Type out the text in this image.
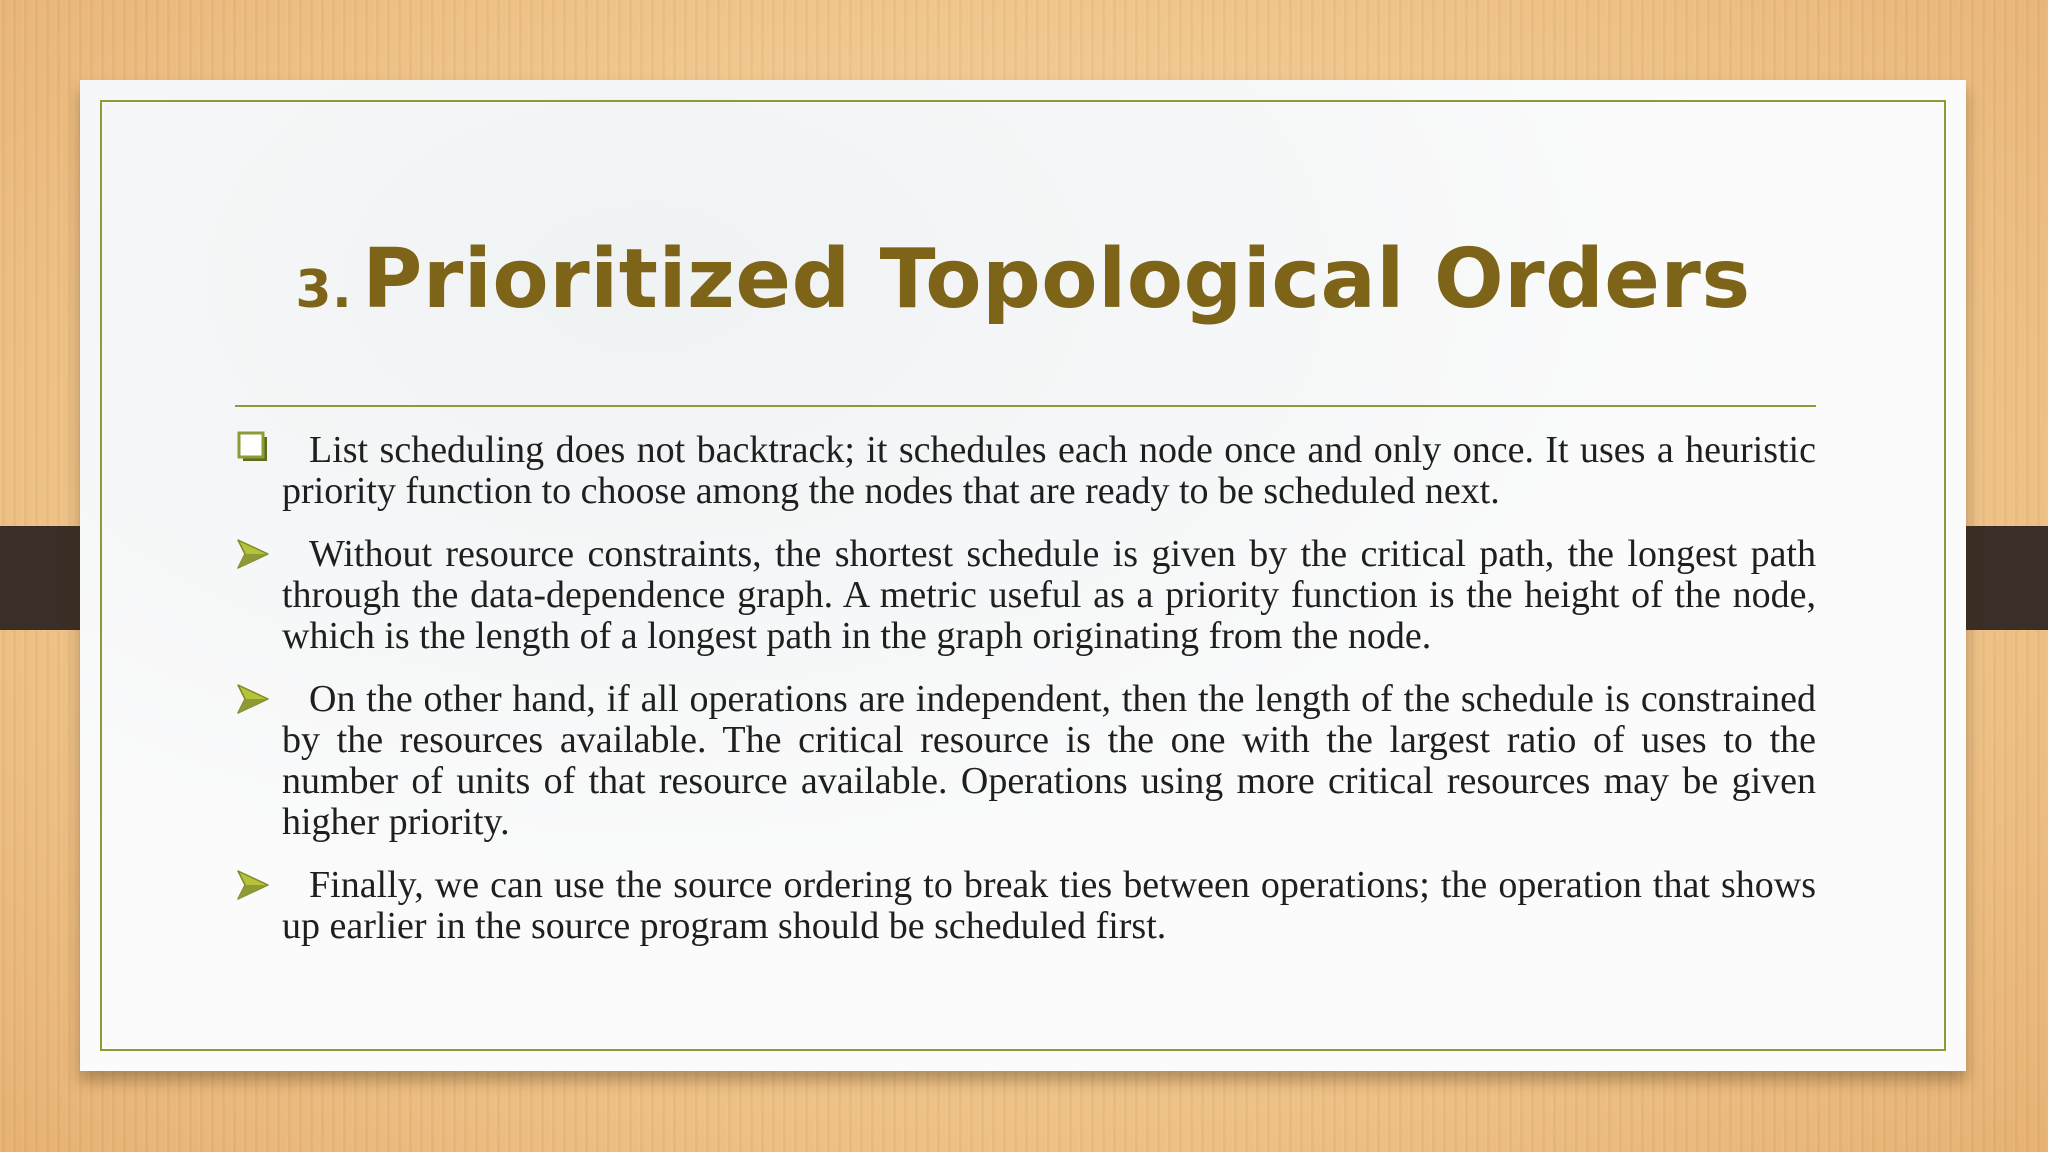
3. Prioritized Topological Orders
List scheduling does not backtrack; it schedules each node once and only once. It uses a heuristic priority function to choose among the nodes that are ready to be scheduled next.
Without resource constraints, the shortest schedule is given by the critical path, the longest path through the data-dependence graph. A metric useful as a priority function is the height of the node, which is the length of a longest path in the graph originating from the node.
On the other hand, if all operations are independent, then the length of the schedule is constrained by the resources available. The critical resource is the one with the largest ratio of uses to the number of units of that resource available. Operations using more critical resources may be given higher priority.
Finally, we can use the source ordering to break ties between operations; the operation that shows up earlier in the source program should be scheduled first.
